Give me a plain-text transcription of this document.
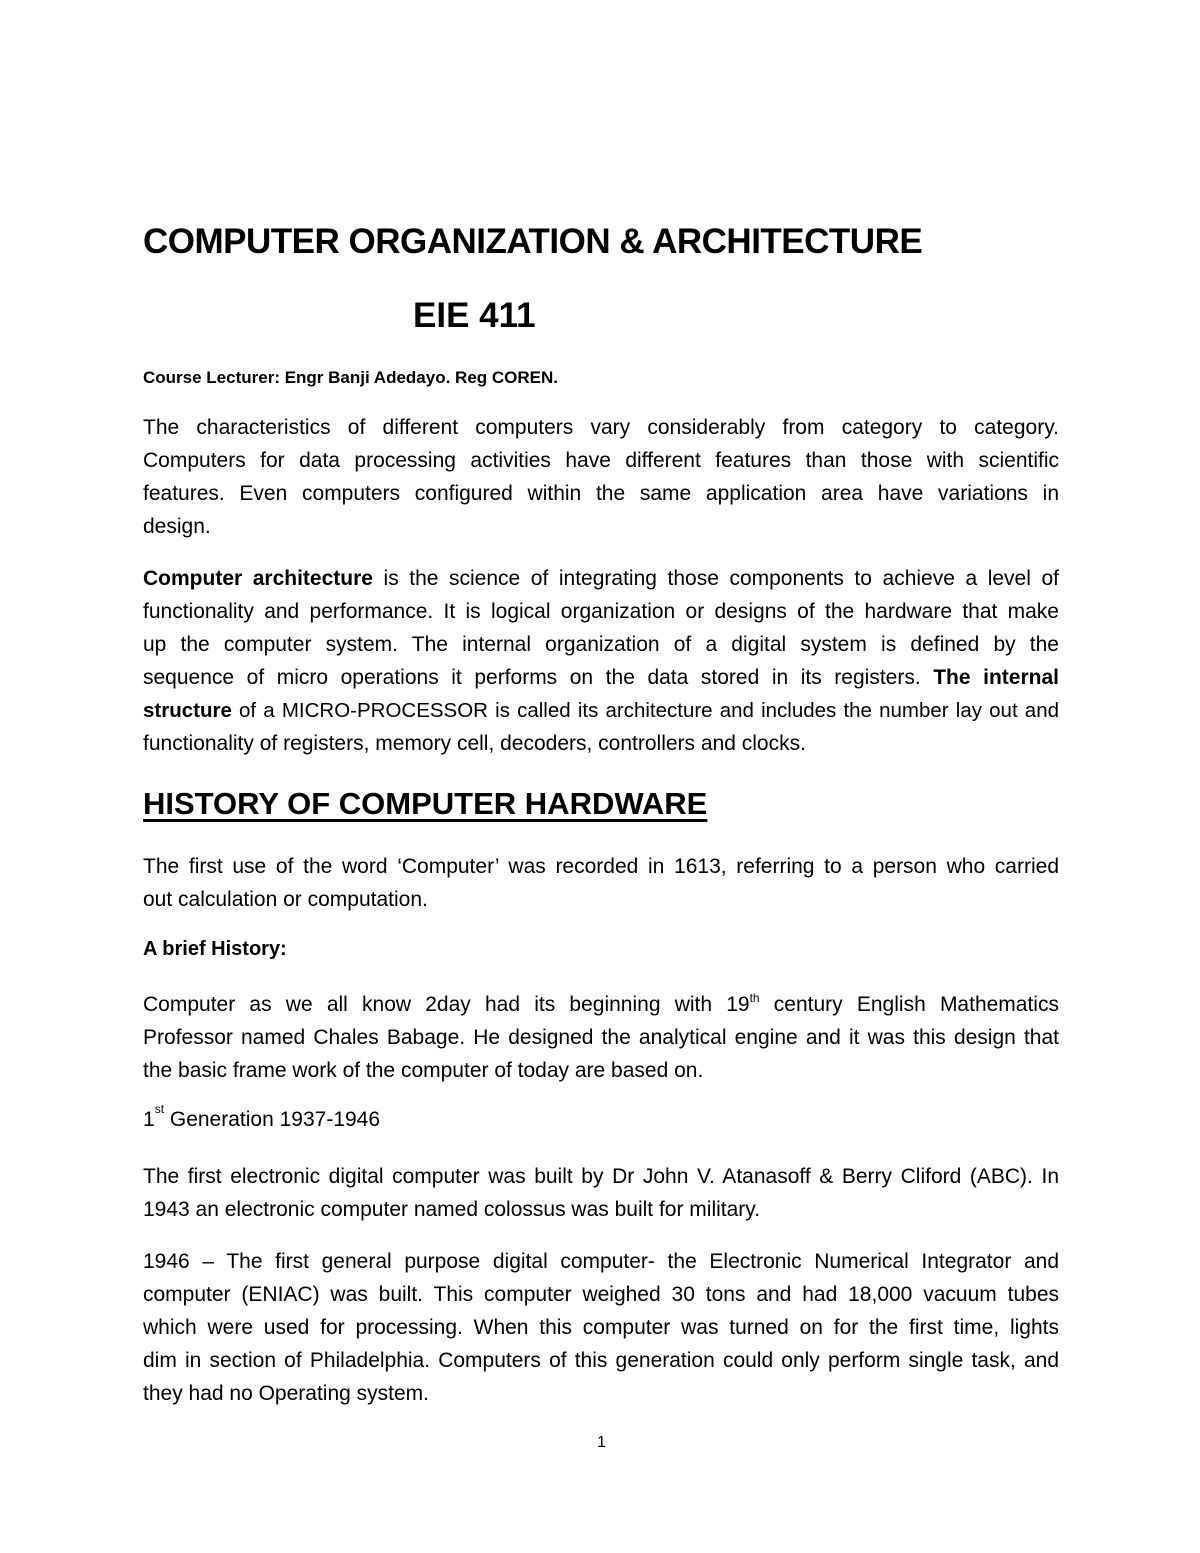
COMPUTER ORGANIZATION & ARCHITECTURE
EIE 411
Course Lecturer: Engr Banji Adedayo. Reg COREN.
The characteristics of different computers vary considerably from category to category.
Computers for data processing activities have different features than those with scientific
features. Even computers configured within the same application area have variations in
design.
Computer architecture is the science of integrating those components to achieve a level of
functionality and performance. It is logical organization or designs of the hardware that make
up the computer system. The internal organization of a digital system is defined by the
sequence of micro operations it performs on the data stored in its registers. The internal
structure of a MICRO-PROCESSOR is called its architecture and includes the number lay out and
functionality of registers, memory cell, decoders, controllers and clocks.
HISTORY OF COMPUTER HARDWARE
The first use of the word ‘Computer’ was recorded in 1613, referring to a person who carried
out calculation or computation.
A brief History:
Computer as we all know 2day had its beginning with 19th century English Mathematics
Professor named Chales Babage. He designed the analytical engine and it was this design that
the basic frame work of the computer of today are based on.
1st Generation 1937-1946
The first electronic digital computer was built by Dr John V. Atanasoff & Berry Cliford (ABC). In
1943 an electronic computer named colossus was built for military.
1946 – The first general purpose digital computer- the Electronic Numerical Integrator and
computer (ENIAC) was built. This computer weighed 30 tons and had 18,000 vacuum tubes
which were used for processing. When this computer was turned on for the first time, lights
dim in section of Philadelphia. Computers of this generation could only perform single task, and
they had no Operating system.
1
